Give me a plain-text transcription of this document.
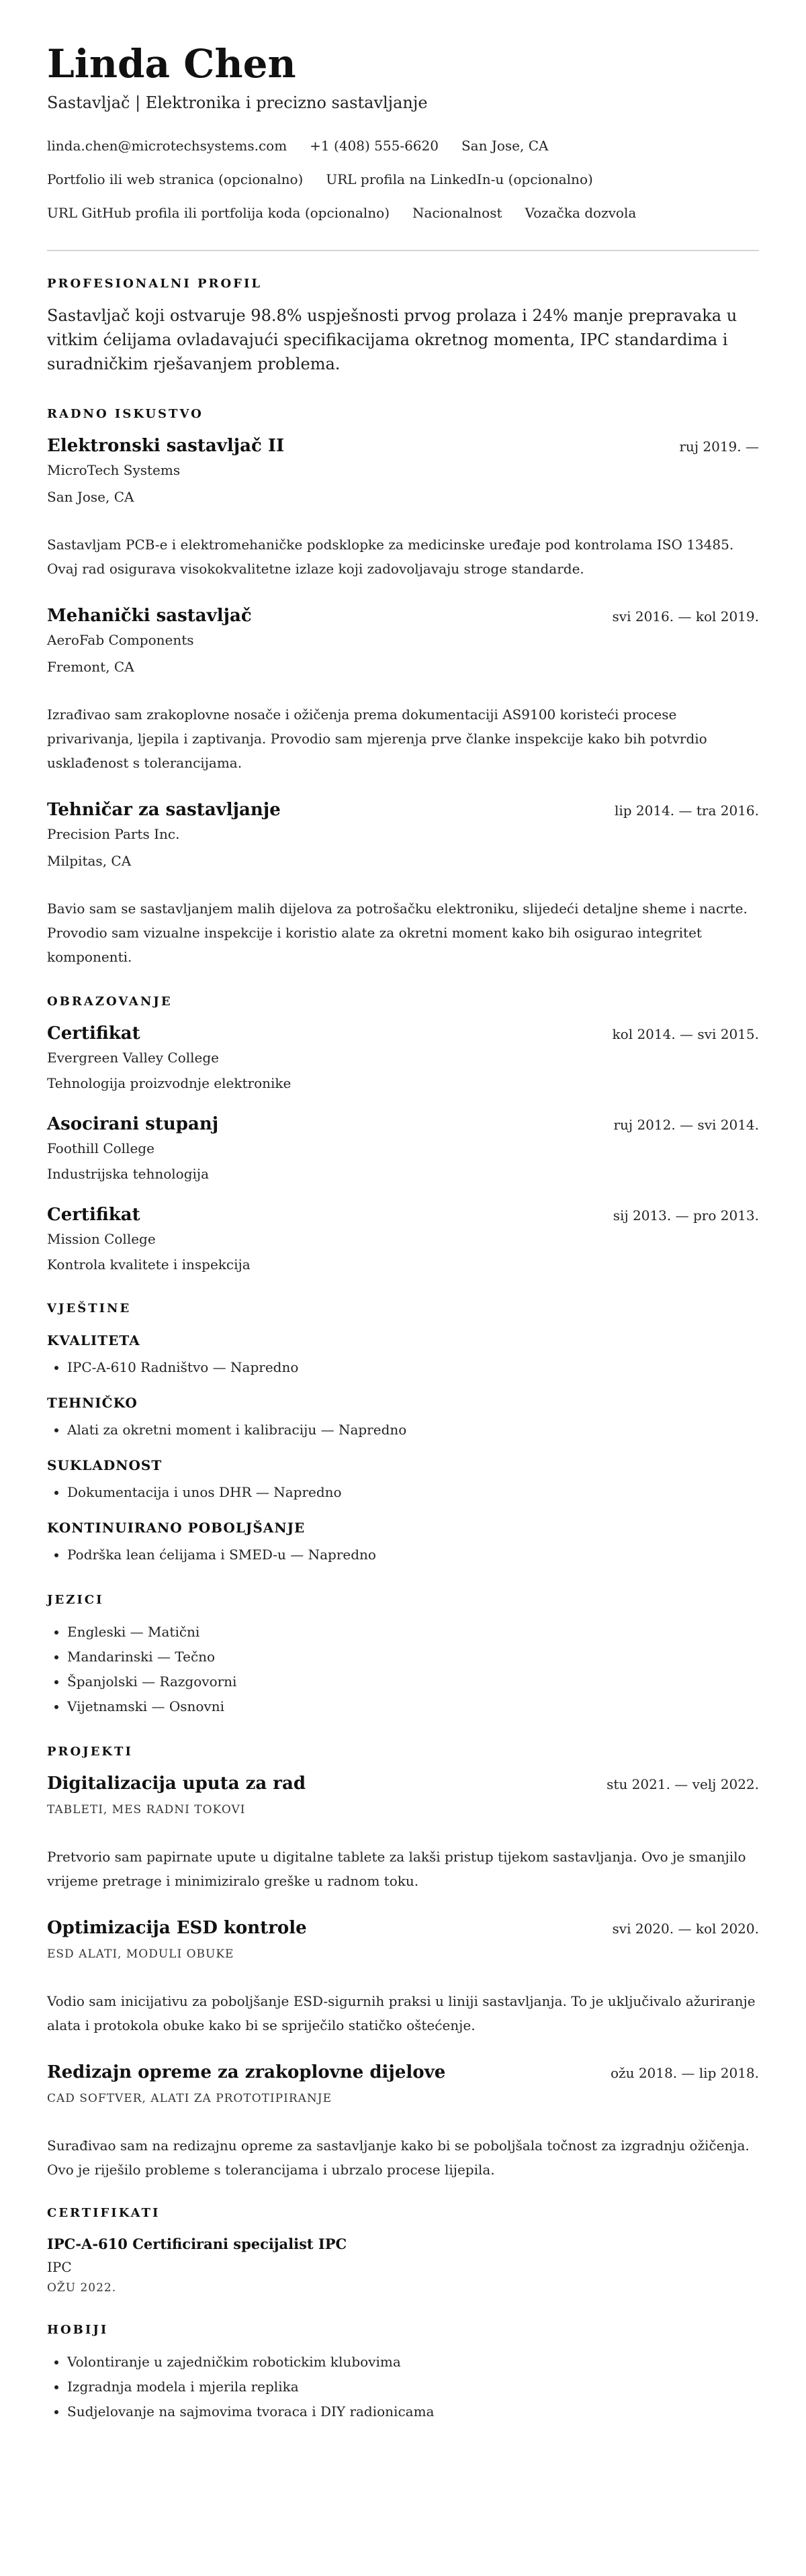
Linda Chen
Sastavljač | Elektronika i precizno sastavljanje
linda.chen@microtechsystems.com +1 (408) 555-6620 San Jose, CA
Portfolio ili web stranica (opcionalno) URL profila na LinkedIn-u (opcionalno)
URL GitHub profila ili portfolija koda (opcionalno) Nacionalnost Vozačka dozvola
PROFESIONALNI PROFIL
Sastavljač koji ostvaruje 98.8% uspješnosti prvog prolaza i 24% manje prepravaka u vitkim ćelijama ovladavajući specifikacijama okretnog momenta, IPC standardima i suradničkim rješavanjem problema.
RADNO ISKUSTVO
Elektronski sastavljač II	ruj 2019. —
MicroTech Systems
San Jose, CA
Sastavljam PCB-e i elektromehaničke podsklopke za medicinske uređaje pod kontrolama ISO 13485. Ovaj rad osigurava visokokvalitetne izlaze koji zadovoljavaju stroge standarde.
Mehanički sastavljač	svi 2016. — kol 2019.
AeroFab Components
Fremont, CA
Izrađivao sam zrakoplovne nosače i ožičenja prema dokumentaciji AS9100 koristeći procese privarivanja, ljepila i zaptivanja. Provodio sam mjerenja prve članke inspekcije kako bih potvrdio usklađenost s tolerancijama.
Tehničar za sastavljanje	lip 2014. — tra 2016.
Precision Parts Inc.
Milpitas, CA
Bavio sam se sastavljanjem malih dijelova za potrošačku elektroniku, slijedeći detaljne sheme i nacrte. Provodio sam vizualne inspekcije i koristio alate za okretni moment kako bih osigurao integritet komponenti.
OBRAZOVANJE
Certifikat	kol 2014. — svi 2015.
Evergreen Valley College
Tehnologija proizvodnje elektronike
Asocirani stupanj	ruj 2012. — svi 2014.
Foothill College
Industrijska tehnologija
Certifikat	sij 2013. — pro 2013.
Mission College
Kontrola kvalitete i inspekcija
VJEŠTINE
KVALITETA
• IPC-A-610 Radništvo — Napredno
TEHNIČKO
• Alati za okretni moment i kalibraciju — Napredno
SUKLADNOST
• Dokumentacija i unos DHR — Napredno
KONTINUIRANO POBOLJŠANJE
• Podrška lean ćelijama i SMED-u — Napredno
JEZICI
• Engleski — Matični
• Mandarinski — Tečno
• Španjolski — Razgovorni
• Vijetnamski — Osnovni
PROJEKTI
Digitalizacija uputa za rad	stu 2021. — velj 2022.
TABLETI, MES RADNI TOKOVI
Pretvorio sam papirnate upute u digitalne tablete za lakši pristup tijekom sastavljanja. Ovo je smanjilo vrijeme pretrage i minimiziralo greške u radnom toku.
Optimizacija ESD kontrole	svi 2020. — kol 2020.
ESD ALATI, MODULI OBUKE
Vodio sam inicijativu za poboljšanje ESD-sigurnih praksi u liniji sastavljanja. To je uključivalo ažuriranje alata i protokola obuke kako bi se spriječilo statičko oštećenje.
Redizajn opreme za zrakoplovne dijelove	ožu 2018. — lip 2018.
CAD SOFTVER, ALATI ZA PROTOTIPIRANJE
Surađivao sam na redizajnu opreme za sastavljanje kako bi se poboljšala točnost za izgradnju ožičenja. Ovo je riješilo probleme s tolerancijama i ubrzalo procese lijepila.
CERTIFIKATI
IPC-A-610 Certificirani specijalist IPC
IPC
OŽU 2022.
HOBIJI
• Volontiranje u zajedničkim robotickim klubovima
• Izgradnja modela i mjerila replika
• Sudjelovanje na sajmovima tvoraca i DIY radionicama
